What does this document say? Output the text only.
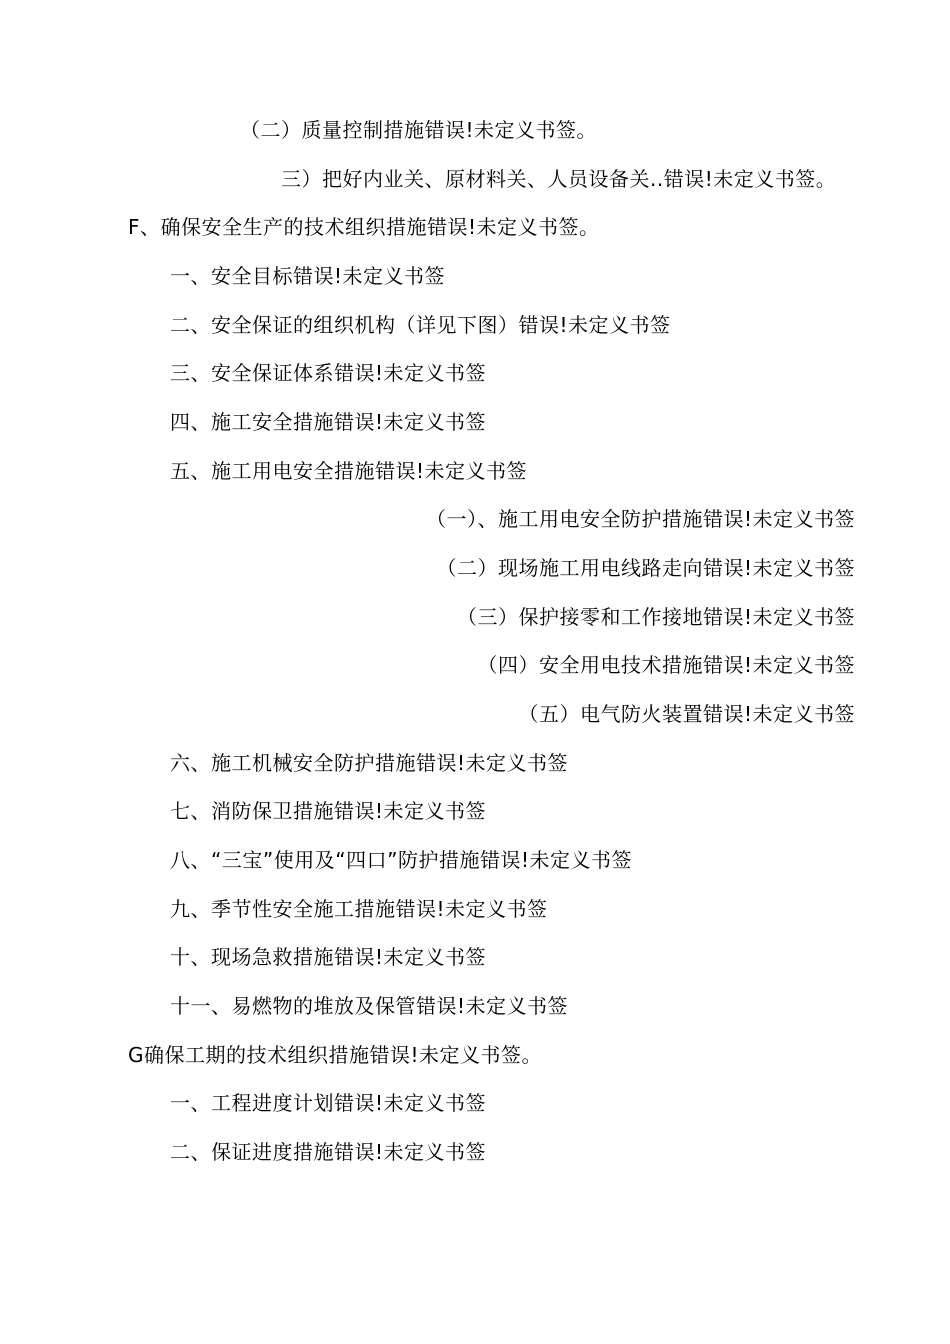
（二）质量控制措施错误!未定义书签。
三）把好内业关、原材料关、人员设备关..错误!未定义书签。
F、确保安全生产的技术组织措施错误!未定义书签。
一、安全目标错误!未定义书签
二、安全保证的组织机构（详见下图）错误!未定义书签
三、安全保证体系错误!未定义书签
四、施工安全措施错误!未定义书签
五、施工用电安全措施错误!未定义书签
（一）、施工用电安全防护措施错误!未定义书签
（二）现场施工用电线路走向错误!未定义书签
（三）保护接零和工作接地错误!未定义书签
（四）安全用电技术措施错误!未定义书签
（五）电气防火装置错误!未定义书签
六、施工机械安全防护措施错误!未定义书签
七、消防保卫措施错误!未定义书签
八、“三宝”使用及“四口”防护措施错误!未定义书签
九、季节性安全施工措施错误!未定义书签
十、现场急救措施错误!未定义书签
十一、易燃物的堆放及保管错误!未定义书签
G确保工期的技术组织措施错误!未定义书签。
一、工程进度计划错误!未定义书签
二、保证进度措施错误!未定义书签
